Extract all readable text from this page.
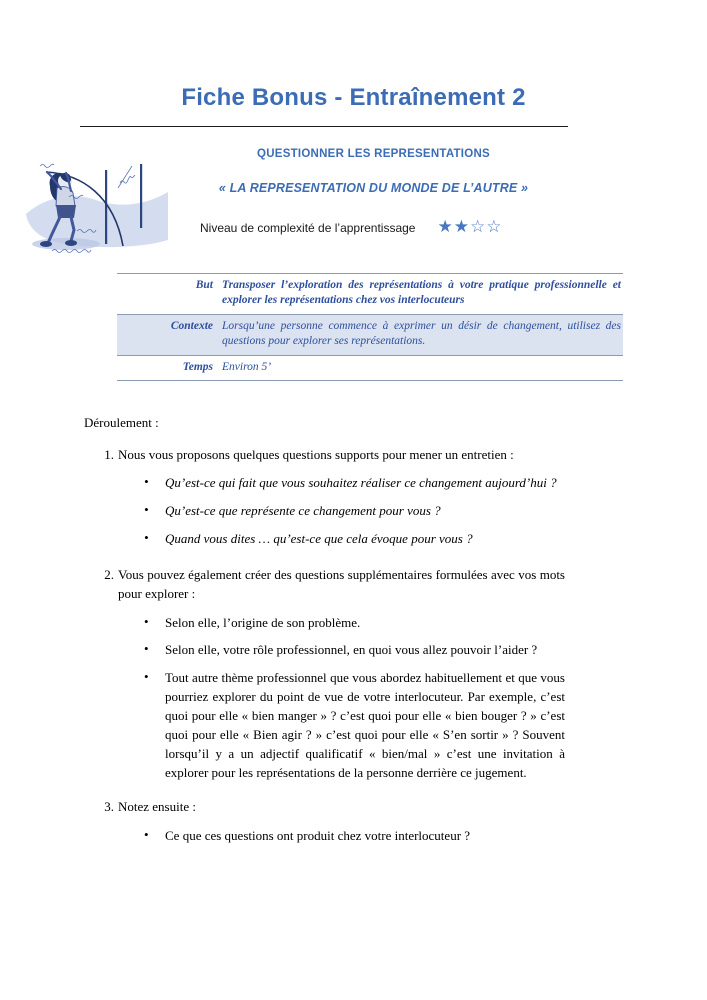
Fiche Bonus - Entraînement 2
QUESTIONNER LES REPRESENTATIONS
« LA REPRESENTATION DU MONDE DE L’AUTRE »
Niveau de complexité de l’apprentissage ★ ★ ☆ ☆
But	Transposer l’exploration des représentations à votre pratique professionnelle et explorer les représentations chez vos interlocuteurs
Contexte	Lorsqu’une personne commence à exprimer un désir de changement, utilisez des questions pour explorer ses représentations.
Temps	Environ 5’
Déroulement :
1. Nous vous proposons quelques questions supports pour mener un entretien :
• Qu’est-ce qui fait que vous souhaitez réaliser ce changement aujourd’hui ?
• Qu’est-ce que représente ce changement pour vous ?
• Quand vous dites … qu’est-ce que cela évoque pour vous ?
2. Vous pouvez également créer des questions supplémentaires formulées avec vos mots pour explorer :
• Selon elle, l’origine de son problème.
• Selon elle, votre rôle professionnel, en quoi vous allez pouvoir l’aider ?
• Tout autre thème professionnel que vous abordez habituellement et que vous pourriez explorer du point de vue de votre interlocuteur. Par exemple, c’est quoi pour elle « bien manger » ? c’est quoi pour elle « bien bouger ? » c’est quoi pour elle « Bien agir ? » c’est quoi pour elle « S’en sortir » ? Souvent lorsqu’il y a un adjectif qualificatif « bien/mal » c’est une invitation à explorer pour les représentations de la personne derrière ce jugement.
3. Notez ensuite :
• Ce que ces questions ont produit chez votre interlocuteur ?
